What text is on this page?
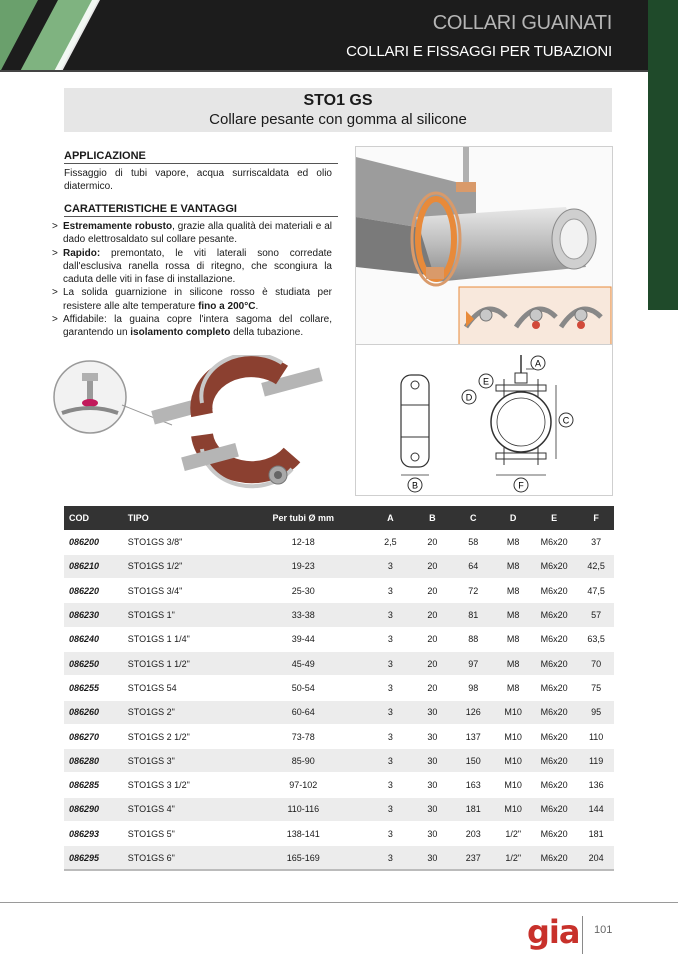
COLLARI GUAINATI
COLLARI E FISSAGGI PER TUBAZIONI
STO1 GS
Collare pesante con gomma al silicone
APPLICAZIONE
Fissaggio di tubi vapore, acqua surriscaldata ed olio diatermico.
CARATTERISTICHE E VANTAGGI
> Estremamente robusto, grazie alla qualità dei materiali e al dado elettrosaldato sul collare pesante.
> Rapido: premontato, le viti laterali sono corredate dall'esclusiva ranella rossa di ritegno, che scongiura la caduta delle viti in fase di installazione.
> La solida guarnizione in silicone rosso è studiata per resistere alle alte temperature fino a 200°C.
> Affidabile: la guaina copre l'intera sagoma del collare, garantendo un isolamento completo della tubazione.
B
A
C
D
E
F
COD	TIPO	Per tubi Ø mm	A	B	C	D	E	F
086200	STO1GS 3/8"	12-18	2,5	20	58	M8	M6x20	37
086210	STO1GS 1/2"	19-23	3	20	64	M8	M6x20	42,5
086220	STO1GS 3/4"	25-30	3	20	72	M8	M6x20	47,5
086230	STO1GS 1"	33-38	3	20	81	M8	M6x20	57
086240	STO1GS 1 1/4"	39-44	3	20	88	M8	M6x20	63,5
086250	STO1GS 1 1/2"	45-49	3	20	97	M8	M6x20	70
086255	STO1GS 54	50-54	3	20	98	M8	M6x20	75
086260	STO1GS 2"	60-64	3	30	126	M10	M6x20	95
086270	STO1GS 2 1/2"	73-78	3	30	137	M10	M6x20	110
086280	STO1GS 3"	85-90	3	30	150	M10	M6x20	119
086285	STO1GS 3 1/2"	97-102	3	30	163	M10	M6x20	136
086290	STO1GS 4"	110-116	3	30	181	M10	M6x20	144
086293	STO1GS 5"	138-141	3	30	203	1/2"	M6x20	181
086295	STO1GS 6"	165-169	3	30	237	1/2"	M6x20	204
gia 101
